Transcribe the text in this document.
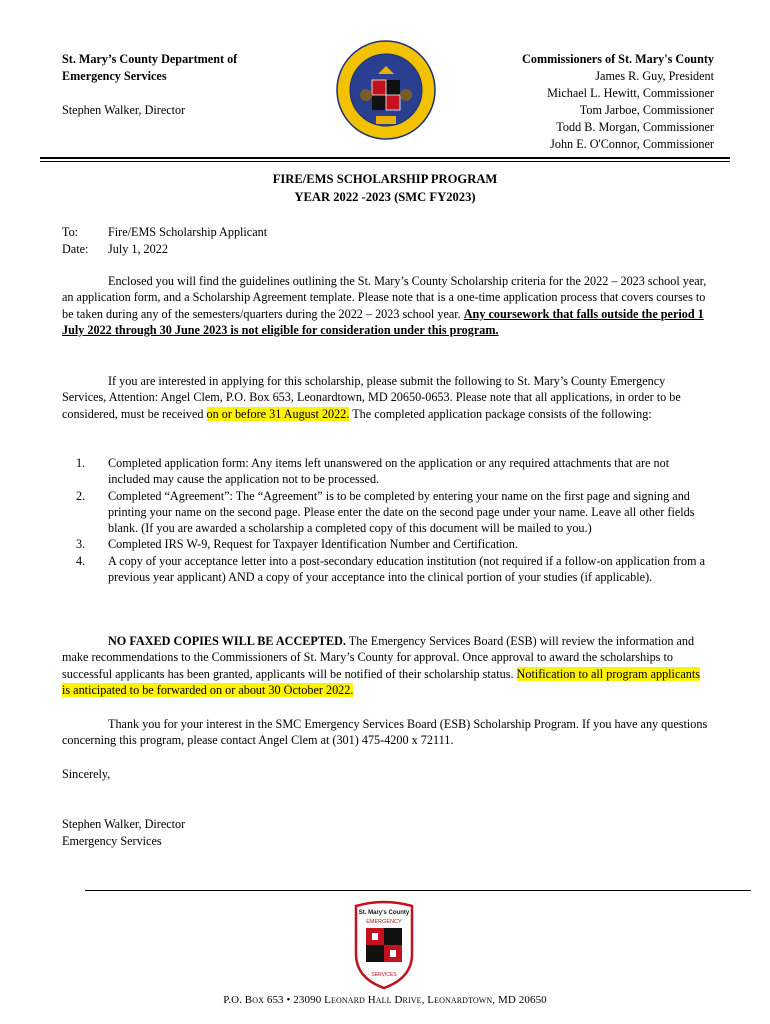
St. Mary’s County Department of
Emergency Services
Stephen Walker, Director
Commissioners of St. Mary's County
James R. Guy, President
Michael L. Hewitt, Commissioner
Tom Jarboe, Commissioner
Todd B. Morgan, Commissioner
John E. O'Connor, Commissioner
FIRE/EMS SCHOLARSHIP PROGRAM
YEAR 2022 -2023 (SMC FY2023)
To: Fire/EMS Scholarship Applicant
Date: July 1, 2022
Enclosed you will find the guidelines outlining the St. Mary’s County Scholarship criteria for the 2022 – 2023 school year, an application form, and a Scholarship Agreement template. Please note that is a one-time application process that covers courses to be taken during any of the semesters/quarters during the 2022 – 2023 school year. Any coursework that falls outside the period 1 July 2022 through 30 June 2023 is not eligible for consideration under this program.
If you are interested in applying for this scholarship, please submit the following to St. Mary’s County Emergency Services, Attention: Angel Clem, P.O. Box 653, Leonardtown, MD 20650-0653. Please note that all applications, in order to be considered, must be received on or before 31 August 2022. The completed application package consists of the following:
1. Completed application form: Any items left unanswered on the application or any required attachments that are not included may cause the application not to be processed.
2. Completed “Agreement”: The “Agreement” is to be completed by entering your name on the first page and signing and printing your name on the second page. Please enter the date on the second page under your name. Leave all other fields blank. (If you are awarded a scholarship a completed copy of this document will be mailed to you.)
3. Completed IRS W-9, Request for Taxpayer Identification Number and Certification.
4. A copy of your acceptance letter into a post-secondary education institution (not required if a follow-on application from a previous year applicant) AND a copy of your acceptance into the clinical portion of your studies (if applicable).
NO FAXED COPIES WILL BE ACCEPTED. The Emergency Services Board (ESB) will review the information and make recommendations to the Commissioners of St. Mary’s County for approval. Once approval to award the scholarships to successful applicants has been granted, applicants will be notified of their scholarship status. Notification to all program applicants is anticipated to be forwarded on or about 30 October 2022.
Thank you for your interest in the SMC Emergency Services Board (ESB) Scholarship Program. If you have any questions concerning this program, please contact Angel Clem at (301) 475-4200 x 72111.
Sincerely,
Stephen Walker, Director
Emergency Services
St. Mary's County
EMERGENCY
SERVICES
P.O. Box 653 • 23090 Leonard Hall Drive, Leonardtown, MD 20650
